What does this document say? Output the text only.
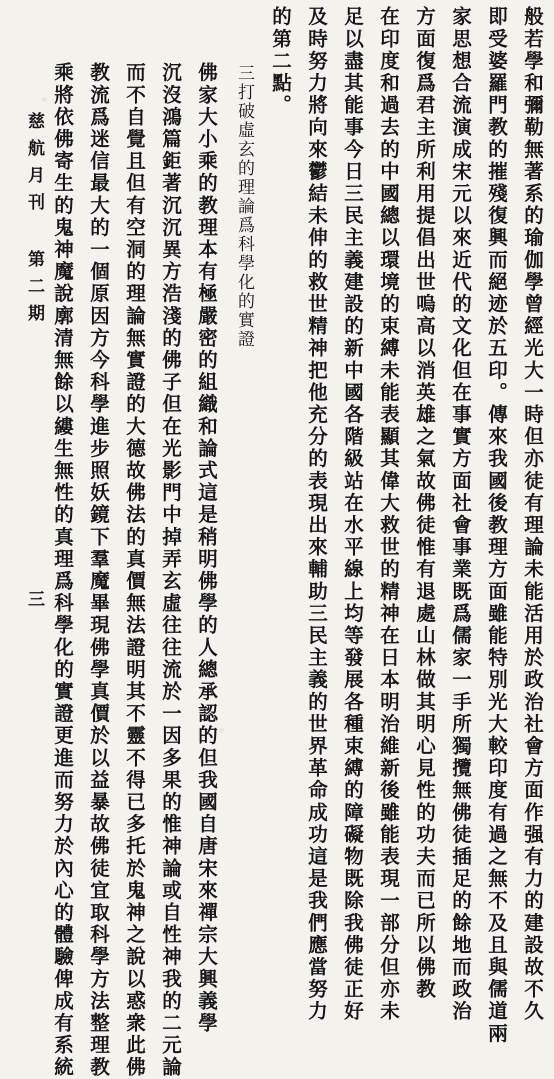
般若學和彌勒無著系的瑜伽學曾經光大一時但亦徒有理論未能活用於政治社會方面作强有力的建設故不久
即受婆羅門教的摧殘復興而絕迹於五印。傳來我國後教理方面雖能特別光大較印度有過之無不及且與儒道兩
家思想合流演成宋元以來近代的文化但在事實方面社會事業既爲儒家一手所獨攬無佛徒插足的餘地而政治
方面復爲君主所利用提倡出世嗚高以消英雄之氣故佛徒惟有退處山林做其明心見性的功夫而已所以佛教
在印度和過去的中國總以環境的束縛未能表顯其偉大救世的精神在日本明治維新後雖能表現一部分但亦未
足以盡其能事今日三民主義建設的新中國各階級站在水平線上均等發展各種束縛的障礙物既除我佛徒正好
及時努力將向來鬱結未伸的救世精神把他充分的表現出來輔助三民主義的世界革命成功這是我們應當努力
的第二點。
三打破虛玄的理論爲科學化的實證
佛家大小乘的教理本有極嚴密的組織和論式這是稍明佛學的人總承認的但我國自唐宋來禪宗大興義學
沉沒鴻篇鉅著沉沉異方浩淺的佛子但在光影門中掉弄玄虛往往流於一因多果的惟神論或自性神我的二元論
而不自覺且但有空洞的理論無實證的大德故佛法的真價無法證明其不靈不得已多托於鬼神之說以惑衆此佛
教流爲迷信最大的一個原因方今科學進步照妖鏡下羣魔畢現佛學真價於以益暴故佛徒宜取科學方法整理教
乘將依佛寄生的鬼神魔說廓清無餘以縷生無性的真理爲科學化的實證更進而努力於內心的體驗俾成有系統
慈航月刊
第二期
三
